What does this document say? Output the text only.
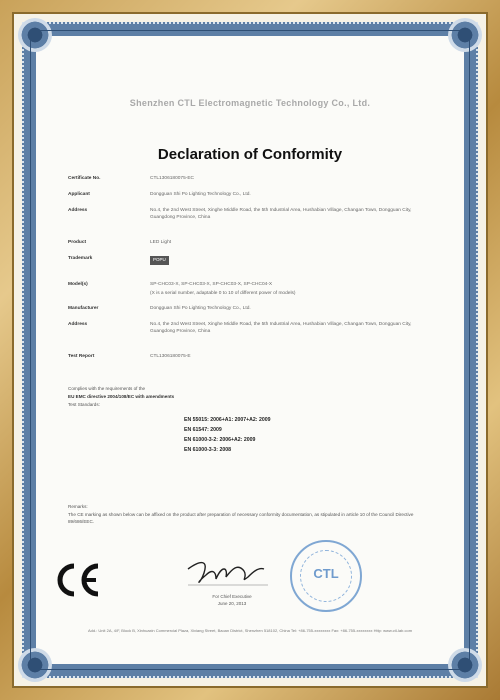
Shenzhen CTL Electromagnetic Technology Co., Ltd.
Declaration of Conformity
Certificate No.	CTL1306180075-EC
Applicant	Dongguan Shi Po Lighting Technology Co., Ltd.
Address	No.4, the 2nd West Street, Xinghe Middle Road, the 5th Industrial Area, Hushabian Village, Changan Town, Dongguan City, Guangdong Province, China
Product	LED Light
Trademark	POPU
Model(s)	SP-CHC03-X, SP-CHC03-X, SP-CHC03-X, SP-CHC04-X
(X is a serial number, adaptable 0 to 10 of different power of models)
Manufacturer	Dongguan Shi Po Lighting Technology Co., Ltd.
Address	No.4, the 2nd West Street, Xinghe Middle Road, the 5th Industrial Area, Hushabian Village, Changan Town, Dongguan City, Guangdong Province, China
Test Report	CTL1306180075-E
Complies with the requirements of the
EU EMC directive 2004/108/EC with amendments
Test Standards:
EN 55015: 2006+A1: 2007+A2: 2009
EN 61547: 2009
EN 61000-3-2: 2006+A2: 2009
EN 61000-3-3: 2008
Remarks:
The CE marking as shown below can be affixed on the product after preparation of necessary conformity documentation, as stipulated in article 10 of the Council Directive 89/686/EEC.
CE
For Chief Executive
June 20, 2013
CTL
Add.: Unit 2A, 4/F, Block B, Xinhuaxin Commercial Plaza, Xixiang Street, Baoan District, Shenzhen 518102, China Tel: +86-755-xxxxxxxx Fax: +86-755-xxxxxxxx Http: www.ctl-lab.com
